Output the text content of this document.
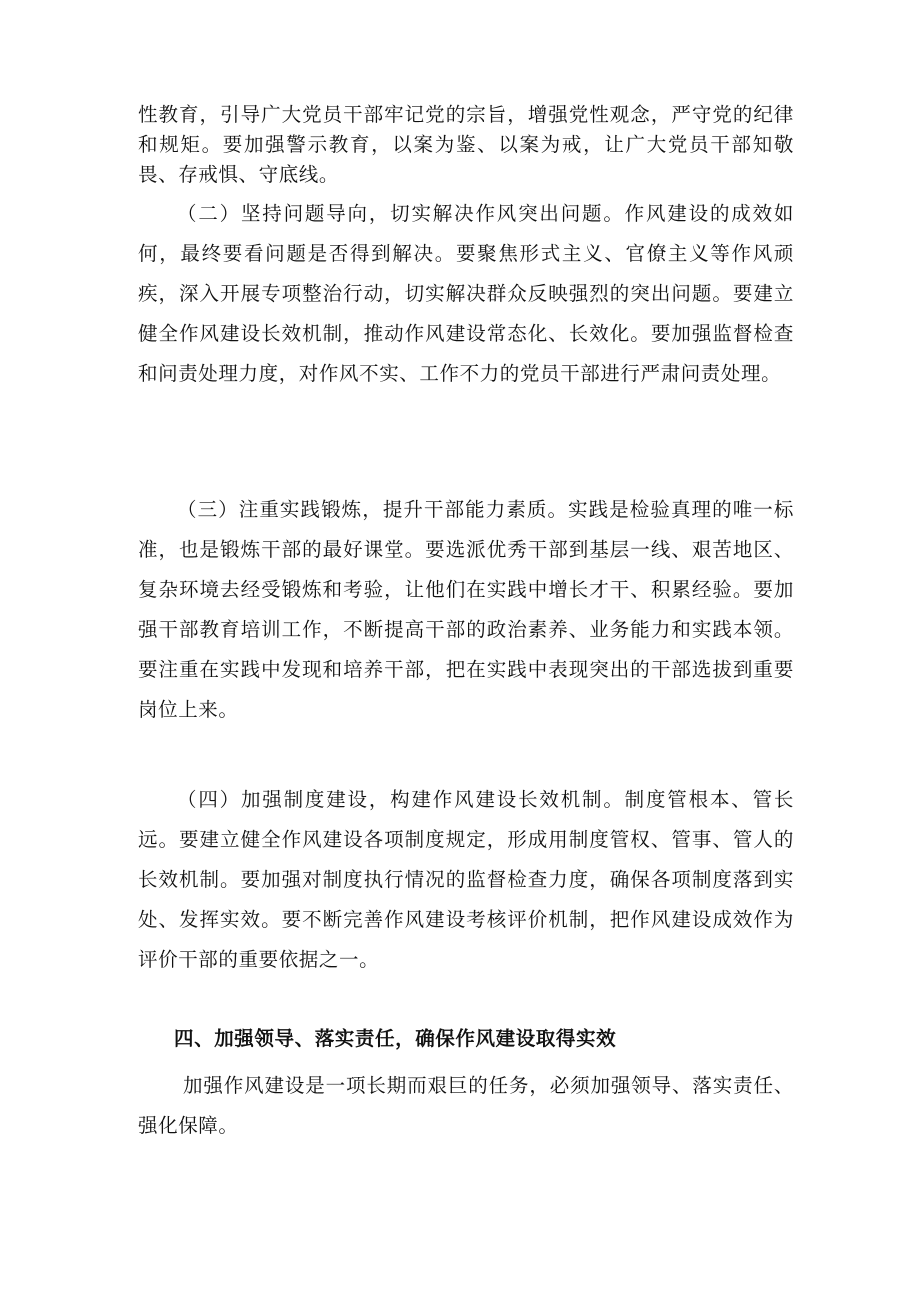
性教育，引导广大党员干部牢记党的宗旨，增强党性观念，严守党的纪律和规矩。要加强警示教育，以案为鉴、以案为戒，让广大党员干部知敬畏、存戒惧、守底线。

（二）坚持问题导向，切实解决作风突出问题。作风建设的成效如何，最终要看问题是否得到解决。要聚焦形式主义、官僚主义等作风顽疾，深入开展专项整治行动，切实解决群众反映强烈的突出问题。要建立健全作风建设长效机制，推动作风建设常态化、长效化。要加强监督检查和问责处理力度，对作风不实、工作不力的党员干部进行严肃问责处理。

（三）注重实践锻炼，提升干部能力素质。实践是检验真理的唯一标准，也是锻炼干部的最好课堂。要选派优秀干部到基层一线、艰苦地区、复杂环境去经受锻炼和考验，让他们在实践中增长才干、积累经验。要加强干部教育培训工作，不断提高干部的政治素养、业务能力和实践本领。要注重在实践中发现和培养干部，把在实践中表现突出的干部选拔到重要岗位上来。

（四）加强制度建设，构建作风建设长效机制。制度管根本、管长远。要建立健全作风建设各项制度规定，形成用制度管权、管事、管人的长效机制。要加强对制度执行情况的监督检查力度，确保各项制度落到实处、发挥实效。要不断完善作风建设考核评价机制，把作风建设成效作为评价干部的重要依据之一。

四、加强领导、落实责任，确保作风建设取得实效

加强作风建设是一项长期而艰巨的任务，必须加强领导、落实责任、强化保障。
